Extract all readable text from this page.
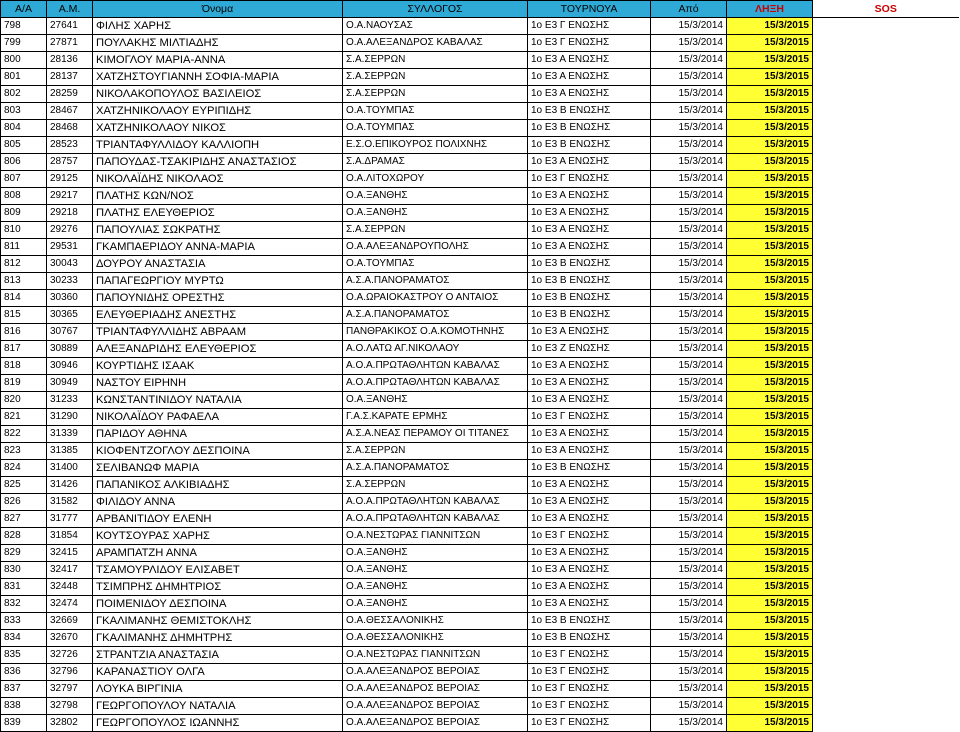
Α/Α	Α.Μ.	Όνομα	ΣΥΛΛΟΓΟΣ	ΤΟΥΡΝΟΥΑ	Από	ΛΗΞΗ	SOS
798	27641	ΦΙΛΗΣ ΧΑΡΗΣ	Ο.Α.ΝΑΟΥΣΑΣ	1ο Ε3 Γ ΕΝΩΣΗΣ	15/3/2014	15/3/2015	
799	27871	ΠΟΥΛΑΚΗΣ ΜΙΛΤΙΑΔΗΣ	Ο.Α.ΑΛΕΞΑΝΔΡΟΣ ΚΑΒΑΛΑΣ	1ο Ε3 Γ ΕΝΩΣΗΣ	15/3/2014	15/3/2015	
800	28136	ΚΙΜΟΓΛΟΥ ΜΑΡΙΑ-ΑΝΝΑ	Σ.Α.ΣΕΡΡΩΝ	1ο Ε3 Α ΕΝΩΣΗΣ	15/3/2014	15/3/2015	
801	28137	ΧΑΤΖΗΣΤΟΥΓΙΑΝΝΗ ΣΟΦΙΑ-ΜΑΡΙΑ	Σ.Α.ΣΕΡΡΩΝ	1ο Ε3 Α ΕΝΩΣΗΣ	15/3/2014	15/3/2015	
802	28259	ΝΙΚΟΛΑΚΟΠΟΥΛΟΣ ΒΑΣΙΛΕΙΟΣ	Σ.Α.ΣΕΡΡΩΝ	1ο Ε3 Α ΕΝΩΣΗΣ	15/3/2014	15/3/2015	
803	28467	ΧΑΤΖΗΝΙΚΟΛΑΟΥ ΕΥΡΙΠΙΔΗΣ	Ο.Α.ΤΟΥΜΠΑΣ	1ο Ε3 Β ΕΝΩΣΗΣ	15/3/2014	15/3/2015	
804	28468	ΧΑΤΖΗΝΙΚΟΛΑΟΥ ΝΙΚΟΣ	Ο.Α.ΤΟΥΜΠΑΣ	1ο Ε3 Β ΕΝΩΣΗΣ	15/3/2014	15/3/2015	
805	28523	ΤΡΙΑΝΤΑΦΥΛΛΙΔΟΥ ΚΑΛΛΙΟΠΗ	Ε.Σ.Ο.ΕΠΙΚΟΥΡΟΣ ΠΟΛΙΧΝΗΣ	1ο Ε3 Β ΕΝΩΣΗΣ	15/3/2014	15/3/2015	
806	28757	ΠΑΠΟΥΔΑΣ-ΤΣΑΚΙΡΙΔΗΣ ΑΝΑΣΤΑΣΙΟΣ	Σ.Α.ΔΡΑΜΑΣ	1ο Ε3 Α ΕΝΩΣΗΣ	15/3/2014	15/3/2015	
807	29125	ΝΙΚΟΛΑΪΔΗΣ ΝΙΚΟΛΑΟΣ	Ο.Α.ΛΙΤΟΧΩΡΟΥ	1ο Ε3 Γ ΕΝΩΣΗΣ	15/3/2014	15/3/2015	
808	29217	ΠΛΑΤΗΣ ΚΩΝ/ΝΟΣ	Ο.Α.ΞΑΝΘΗΣ	1ο Ε3 Α ΕΝΩΣΗΣ	15/3/2014	15/3/2015	
809	29218	ΠΛΑΤΗΣ ΕΛΕΥΘΕΡΙΟΣ	Ο.Α.ΞΑΝΘΗΣ	1ο Ε3 Α ΕΝΩΣΗΣ	15/3/2014	15/3/2015	
810	29276	ΠΑΠΟΥΛΙΑΣ ΣΩΚΡΑΤΗΣ	Σ.Α.ΣΕΡΡΩΝ	1ο Ε3 Α ΕΝΩΣΗΣ	15/3/2014	15/3/2015	
811	29531	ΓΚΑΜΠΑΕΡΙΔΟΥ ΑΝΝΑ-ΜΑΡΙΑ	Ο.Α.ΑΛΕΞΑΝΔΡΟΥΠΟΛΗΣ	1ο Ε3 Α ΕΝΩΣΗΣ	15/3/2014	15/3/2015	
812	30043	ΔΟΥΡΟΥ ΑΝΑΣΤΑΣΙΑ	Ο.Α.ΤΟΥΜΠΑΣ	1ο Ε3 Β ΕΝΩΣΗΣ	15/3/2014	15/3/2015	
813	30233	ΠΑΠΑΓΕΩΡΓΙΟΥ ΜΥΡΤΩ	Α.Σ.Α.ΠΑΝΟΡΑΜΑΤΟΣ	1ο Ε3 Β ΕΝΩΣΗΣ	15/3/2014	15/3/2015	
814	30360	ΠΑΠΟΥΝΙΔΗΣ ΟΡΕΣΤΗΣ	Ο.Α.ΩΡΑΙΟΚΑΣΤΡΟΥ Ο ΑΝΤΑΙΟΣ	1ο Ε3 Β ΕΝΩΣΗΣ	15/3/2014	15/3/2015	
815	30365	ΕΛΕΥΘΕΡΙΑΔΗΣ ΑΝΕΣΤΗΣ	Α.Σ.Α.ΠΑΝΟΡΑΜΑΤΟΣ	1ο Ε3 Β ΕΝΩΣΗΣ	15/3/2014	15/3/2015	
816	30767	ΤΡΙΑΝΤΑΦΥΛΛΙΔΗΣ ΑΒΡΑΑΜ	ΠΑΝΘΡΑΚΙΚΟΣ Ο.Α.ΚΟΜΟΤΗΝΗΣ	1ο Ε3 Α ΕΝΩΣΗΣ	15/3/2014	15/3/2015	
817	30889	ΑΛΕΞΑΝΔΡΙΔΗΣ ΕΛΕΥΘΕΡΙΟΣ	Α.Ο.ΛΑΤΩ ΑΓ.ΝΙΚΟΛΑΟΥ	1ο Ε3 Ζ ΕΝΩΣΗΣ	15/3/2014	15/3/2015	
818	30946	ΚΟΥΡΤΙΔΗΣ ΙΣΑΑΚ	Α.Ο.Α.ΠΡΩΤΑΘΛΗΤΩΝ ΚΑΒΑΛΑΣ	1ο Ε3 Α ΕΝΩΣΗΣ	15/3/2014	15/3/2015	
819	30949	ΝΑΣΤΟΥ ΕΙΡΗΝΗ	Α.Ο.Α.ΠΡΩΤΑΘΛΗΤΩΝ ΚΑΒΑΛΑΣ	1ο Ε3 Α ΕΝΩΣΗΣ	15/3/2014	15/3/2015	
820	31233	ΚΩΝΣΤΑΝΤΙΝΙΔΟΥ ΝΑΤΑΛΙΑ	Ο.Α.ΞΑΝΘΗΣ	1ο Ε3 Α ΕΝΩΣΗΣ	15/3/2014	15/3/2015	
821	31290	ΝΙΚΟΛΑΪΔΟΥ ΡΑΦΑΕΛΑ	Γ.Α.Σ.ΚΑΡΑΤΕ ΕΡΜΗΣ	1ο Ε3 Γ ΕΝΩΣΗΣ	15/3/2014	15/3/2015	
822	31339	ΠΑΡΙΔΟΥ ΑΘΗΝΑ	Α.Σ.Α.ΝΕΑΣ ΠΕΡΑΜΟΥ ΟΙ ΤΙΤΑΝΕΣ	1ο Ε3 Α ΕΝΩΣΗΣ	15/3/2014	15/3/2015	
823	31385	ΚΙΟΦΕΝΤΖΟΓΛΟΥ ΔΕΣΠΟΙΝΑ	Σ.Α.ΣΕΡΡΩΝ	1ο Ε3 Α ΕΝΩΣΗΣ	15/3/2014	15/3/2015	
824	31400	ΣΕΛΙΒΑΝΩΦ ΜΑΡΙΑ	Α.Σ.Α.ΠΑΝΟΡΑΜΑΤΟΣ	1ο Ε3 Β ΕΝΩΣΗΣ	15/3/2014	15/3/2015	
825	31426	ΠΑΠΑΝΙΚΟΣ ΑΛΚΙΒΙΑΔΗΣ	Σ.Α.ΣΕΡΡΩΝ	1ο Ε3 Α ΕΝΩΣΗΣ	15/3/2014	15/3/2015	
826	31582	ΦΙΛΙΔΟΥ ΑΝΝΑ	Α.Ο.Α.ΠΡΩΤΑΘΛΗΤΩΝ ΚΑΒΑΛΑΣ	1ο Ε3 Α ΕΝΩΣΗΣ	15/3/2014	15/3/2015	
827	31777	ΑΡΒΑΝΙΤΙΔΟΥ ΕΛΕΝΗ	Α.Ο.Α.ΠΡΩΤΑΘΛΗΤΩΝ ΚΑΒΑΛΑΣ	1ο Ε3 Α ΕΝΩΣΗΣ	15/3/2014	15/3/2015	
828	31854	ΚΟΥΤΣΟΥΡΑΣ ΧΑΡΗΣ	Ο.Α.ΝΕΣΤΩΡΑΣ ΓΙΑΝΝΙΤΣΩΝ	1ο Ε3 Γ ΕΝΩΣΗΣ	15/3/2014	15/3/2015	
829	32415	ΑΡΑΜΠΑΤΖΗ ΑΝΝΑ	Ο.Α.ΞΑΝΘΗΣ	1ο Ε3 Α ΕΝΩΣΗΣ	15/3/2014	15/3/2015	
830	32417	ΤΣΑΜΟΥΡΛΙΔΟΥ ΕΛΙΣΑΒΕΤ	Ο.Α.ΞΑΝΘΗΣ	1ο Ε3 Α ΕΝΩΣΗΣ	15/3/2014	15/3/2015	
831	32448	ΤΣΙΜΠΡΗΣ ΔΗΜΗΤΡΙΟΣ	Ο.Α.ΞΑΝΘΗΣ	1ο Ε3 Α ΕΝΩΣΗΣ	15/3/2014	15/3/2015	
832	32474	ΠΟΙΜΕΝΙΔΟΥ ΔΕΣΠΟΙΝΑ	Ο.Α.ΞΑΝΘΗΣ	1ο Ε3 Α ΕΝΩΣΗΣ	15/3/2014	15/3/2015	
833	32669	ΓΚΑΛΙΜΑΝΗΣ ΘΕΜΙΣΤΟΚΛΗΣ	Ο.Α.ΘΕΣΣΑΛΟΝΙΚΗΣ	1ο Ε3 Β ΕΝΩΣΗΣ	15/3/2014	15/3/2015	
834	32670	ΓΚΑΛΙΜΑΝΗΣ ΔΗΜΗΤΡΗΣ	Ο.Α.ΘΕΣΣΑΛΟΝΙΚΗΣ	1ο Ε3 Β ΕΝΩΣΗΣ	15/3/2014	15/3/2015	
835	32726	ΣΤΡΑΝΤΖΙΑ ΑΝΑΣΤΑΣΙΑ	Ο.Α.ΝΕΣΤΩΡΑΣ ΓΙΑΝΝΙΤΣΩΝ	1ο Ε3 Γ ΕΝΩΣΗΣ	15/3/2014	15/3/2015	
836	32796	ΚΑΡΑΝΑΣΤΙΟΥ ΟΛΓΑ	Ο.Α.ΑΛΕΞΑΝΔΡΟΣ ΒΕΡΟΙΑΣ	1ο Ε3 Γ ΕΝΩΣΗΣ	15/3/2014	15/3/2015	
837	32797	ΛΟΥΚΑ ΒΙΡΓΙΝΙΑ	Ο.Α.ΑΛΕΞΑΝΔΡΟΣ ΒΕΡΟΙΑΣ	1ο Ε3 Γ ΕΝΩΣΗΣ	15/3/2014	15/3/2015	
838	32798	ΓΕΩΡΓΟΠΟΥΛΟΥ ΝΑΤΑΛΙΑ	Ο.Α.ΑΛΕΞΑΝΔΡΟΣ ΒΕΡΟΙΑΣ	1ο Ε3 Γ ΕΝΩΣΗΣ	15/3/2014	15/3/2015	
839	32802	ΓΕΩΡΓΟΠΟΥΛΟΣ ΙΩΑΝΝΗΣ	Ο.Α.ΑΛΕΞΑΝΔΡΟΣ ΒΕΡΟΙΑΣ	1ο Ε3 Γ ΕΝΩΣΗΣ	15/3/2014	15/3/2015	
